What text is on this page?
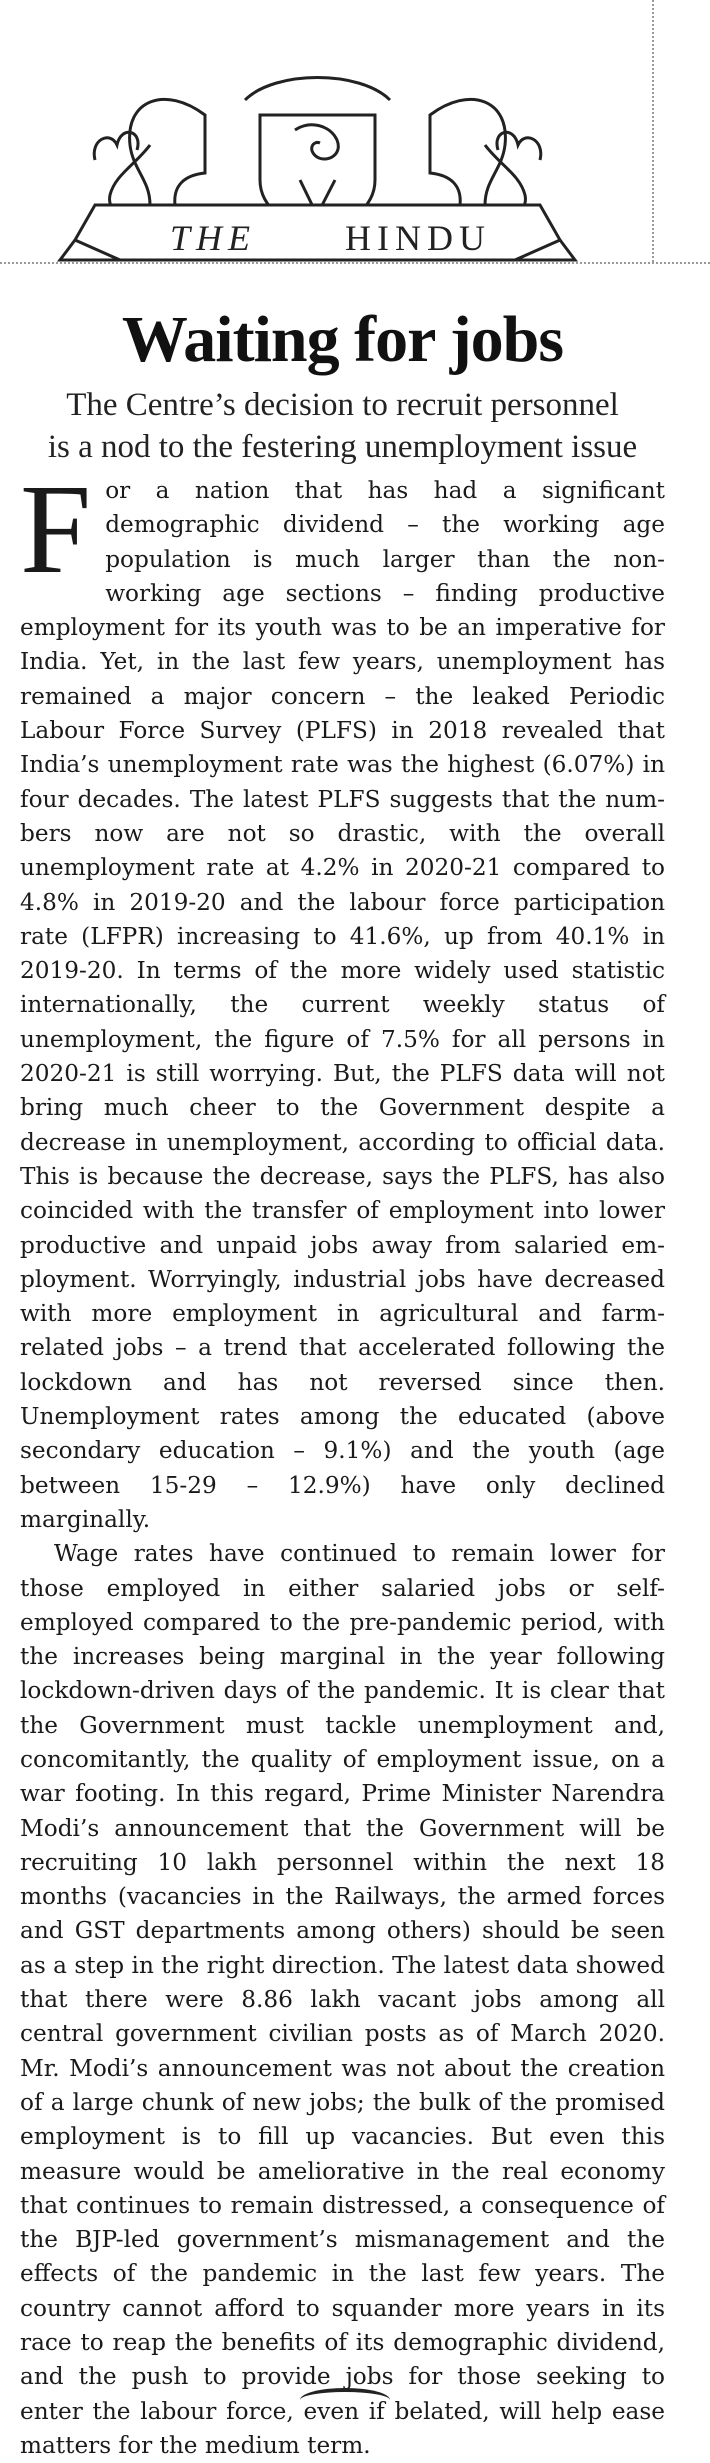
THE HINDU
Waiting for jobs
The Centre’s decision to recruit personnel
is a nod to the festering unemployment issue

For a nation that has had a significant demographic dividend – the working age population is much larger than the non-working age sections – finding productive employment for its youth was to be an imperative for India. Yet, in the last few years, unemployment has remained a major concern – the leaked Periodic Labour Force Survey (PLFS) in 2018 revealed that India’s unemployment rate was the highest (6.07%) in four decades. The latest PLFS suggests that the numbers now are not so drastic, with the overall unemployment rate at 4.2% in 2020-21 compared to 4.8% in 2019-20 and the labour force participation rate (LFPR) increasing to 41.6%, up from 40.1% in 2019-20. In terms of the more widely used statistic internationally, the current weekly status of unemployment, the figure of 7.5% for all persons in 2020-21 is still worrying. But, the PLFS data will not bring much cheer to the Government despite a decrease in unemployment, according to official data. This is because the decrease, says the PLFS, has also coincided with the transfer of employment into lower productive and unpaid jobs away from salaried employment. Worryingly, industrial jobs have decreased with more employment in agricultural and farm-related jobs – a trend that accelerated following the lockdown and has not reversed since then. Unemployment rates among the educated (above secondary education – 9.1%) and the youth (age between 15-29 – 12.9%) have only declined marginally.

Wage rates have continued to remain lower for those employed in either salaried jobs or self-employed compared to the pre-pandemic period, with the increases being marginal in the year following lockdown-driven days of the pandemic. It is clear that the Government must tackle unemployment and, concomitantly, the quality of employment issue, on a war footing. In this regard, Prime Minister Narendra Modi’s announcement that the Government will be recruiting 10 lakh personnel within the next 18 months (vacancies in the Railways, the armed forces and GST departments among others) should be seen as a step in the right direction. The latest data showed that there were 8.86 lakh vacant jobs among all central government civilian posts as of March 2020. Mr. Modi’s announcement was not about the creation of a large chunk of new jobs; the bulk of the promised employment is to fill up vacancies. But even this measure would be ameliorative in the real economy that continues to remain distressed, a consequence of the BJP-led government’s mismanagement and the effects of the pandemic in the last few years. The country cannot afford to squander more years in its race to reap the benefits of its demographic dividend, and the push to provide jobs for those seeking to enter the labour force, even if belated, will help ease matters for the medium term.
